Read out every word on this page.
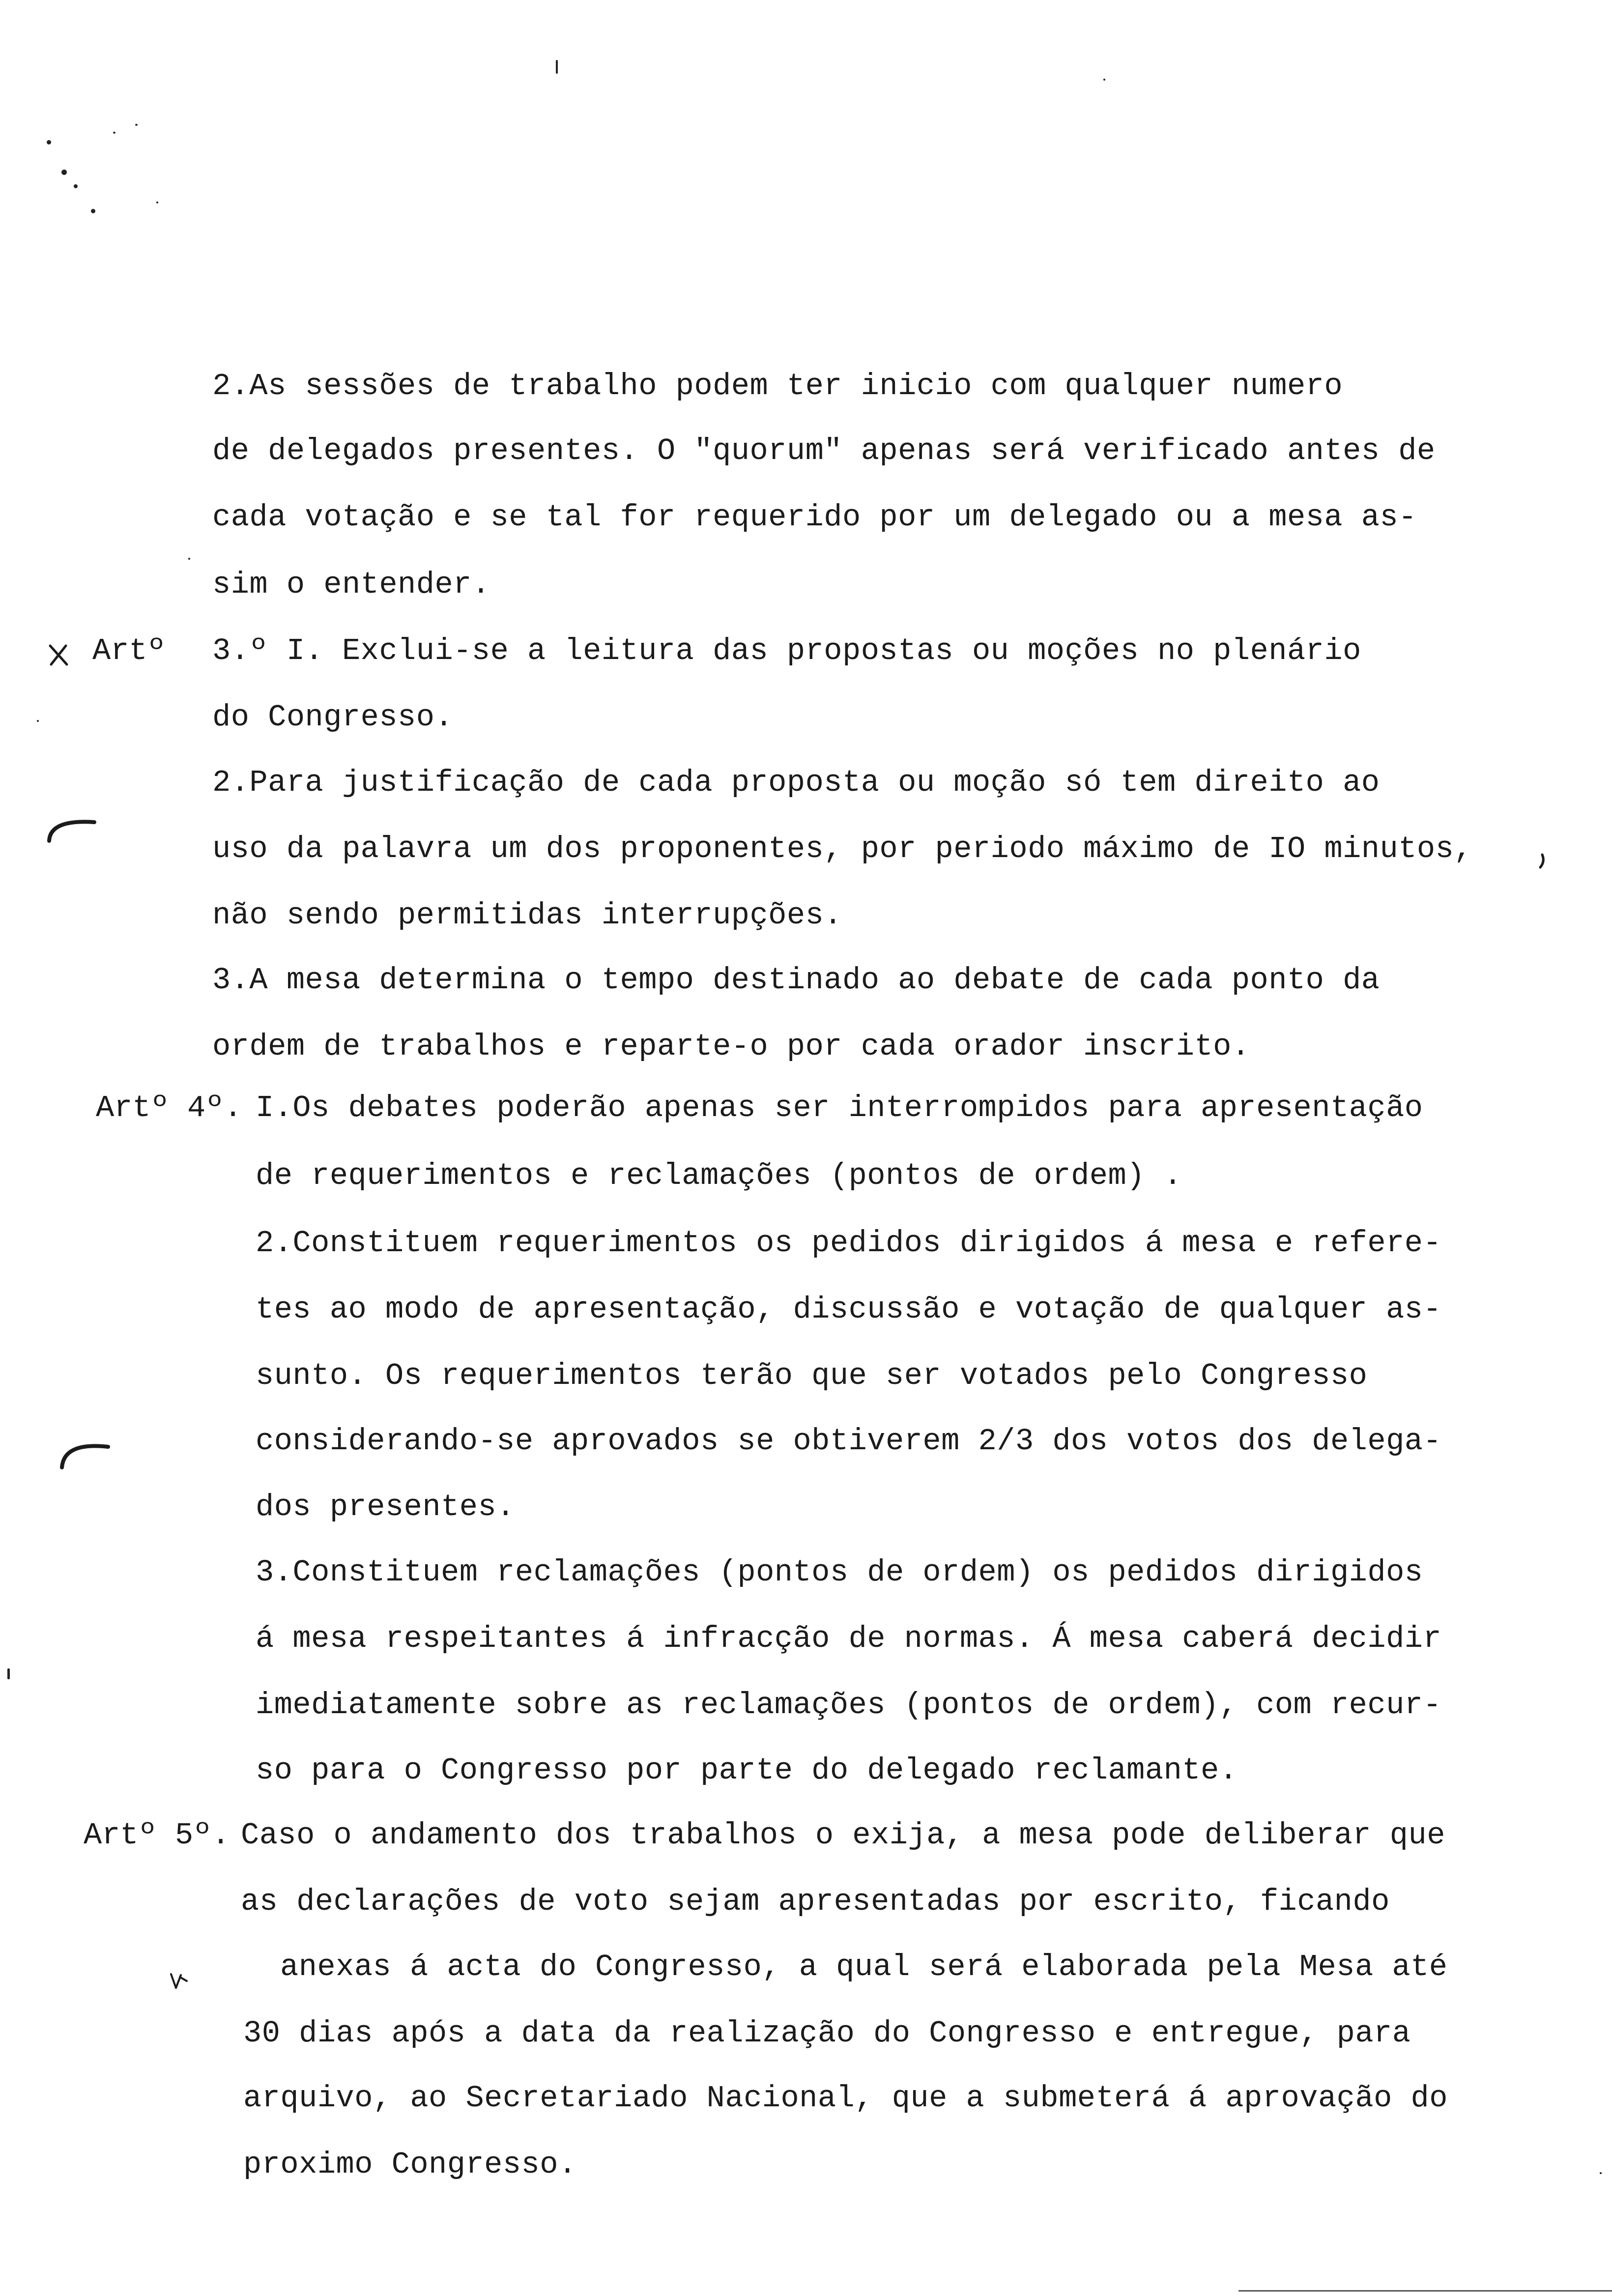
2.As sessões de trabalho podem ter inicio com qualquer numero
de delegados presentes. O "quorum" apenas será verificado antes de
cada votação e se tal for requerido por um delegado ou a mesa as-
sim o entender.
Artº 3.º I. Exclui-se a leitura das propostas ou moções no plenário
do Congresso.
2.Para justificação de cada proposta ou moção só tem direito ao
uso da palavra um dos proponentes, por periodo máximo de IO minutos,
não sendo permitidas interrupções.
3.A mesa determina o tempo destinado ao debate de cada ponto da
ordem de trabalhos e reparte-o por cada orador inscrito.
Artº 4º. I.Os debates poderão apenas ser interrompidos para apresentação
de requerimentos e reclamações (pontos de ordem) .
2.Constituem requerimentos os pedidos dirigidos á mesa e refere-
tes ao modo de apresentação, discussão e votação de qualquer as-
sunto. Os requerimentos terão que ser votados pelo Congresso
considerando-se aprovados se obtiverem 2/3 dos votos dos delega-
dos presentes.
3.Constituem reclamações (pontos de ordem) os pedidos dirigidos
á mesa respeitantes á infracção de normas. Á mesa caberá decidir
imediatamente sobre as reclamações (pontos de ordem), com recur-
so para o Congresso por parte do delegado reclamante.
Artº 5º. Caso o andamento dos trabalhos o exija, a mesa pode deliberar que
as declarações de voto sejam apresentadas por escrito, ficando
anexas á acta do Congresso, a qual será elaborada pela Mesa até
30 dias após a data da realização do Congresso e entregue, para
arquivo, ao Secretariado Nacional, que a submeterá á aprovação do
proximo Congresso.
